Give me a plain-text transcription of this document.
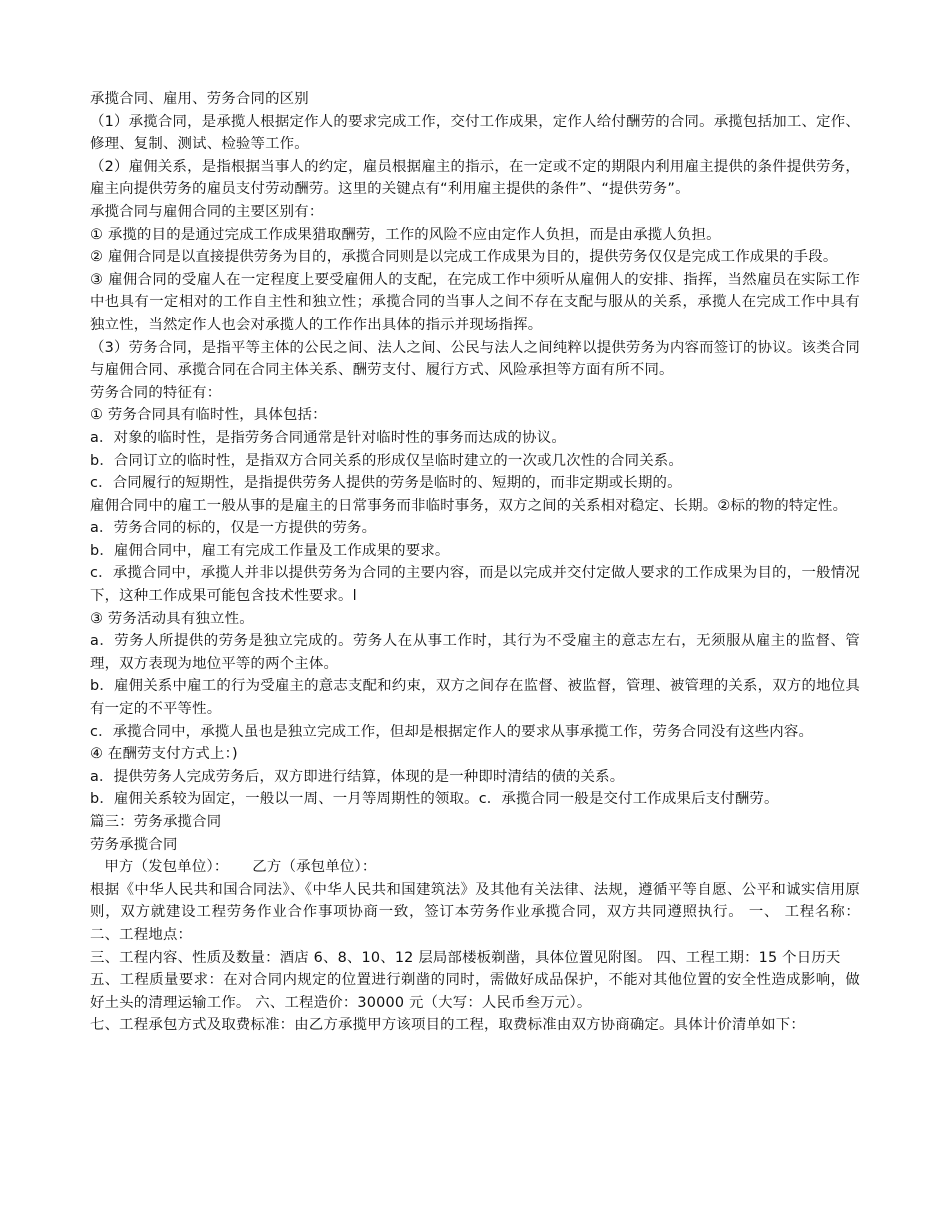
承揽合同、雇用、劳务合同的区别
（1）承揽合同，是承揽人根据定作人的要求完成工作，交付工作成果，定作人给付酬劳的合同。承揽包括加工、定作、修理、复制、测试、检验等工作。
（2）雇佣关系，是指根据当事人的约定，雇员根据雇主的指示，在一定或不定的期限内利用雇主提供的条件提供劳务，雇主向提供劳务的雇员支付劳动酬劳。这里的关键点有“利用雇主提供的条件”、“提供劳务”。
承揽合同与雇佣合同的主要区别有：
① 承揽的目的是通过完成工作成果猎取酬劳，工作的风险不应由定作人负担，而是由承揽人负担。
② 雇佣合同是以直接提供劳务为目的，承揽合同则是以完成工作成果为目的，提供劳务仅仅是完成工作成果的手段。
③ 雇佣合同的受雇人在一定程度上要受雇佣人的支配，在完成工作中须听从雇佣人的安排、指挥，当然雇员在实际工作中也具有一定相对的工作自主性和独立性；承揽合同的当事人之间不存在支配与服从的关系，承揽人在完成工作中具有独立性，当然定作人也会对承揽人的工作作出具体的指示并现场指挥。
（3）劳务合同，是指平等主体的公民之间、法人之间、公民与法人之间纯粹以提供劳务为内容而签订的协议。该类合同与雇佣合同、承揽合同在合同主体关系、酬劳支付、履行方式、风险承担等方面有所不同。
劳务合同的特征有：
① 劳务合同具有临时性，具体包括：
a．对象的临时性，是指劳务合同通常是针对临时性的事务而达成的协议。
b．合同订立的临时性，是指双方合同关系的形成仅呈临时建立的一次或几次性的合同关系。
c．合同履行的短期性，是指提供劳务人提供的劳务是临时的、短期的，而非定期或长期的。
雇佣合同中的雇工一般从事的是雇主的日常事务而非临时事务，双方之间的关系相对稳定、长期。②标的物的特定性。
a．劳务合同的标的，仅是一方提供的劳务。
b．雇佣合同中，雇工有完成工作量及工作成果的要求。
c．承揽合同中，承揽人并非以提供劳务为合同的主要内容，而是以完成并交付定做人要求的工作成果为目的，一般情况下，这种工作成果可能包含技术性要求。l
③ 劳务活动具有独立性。
a．劳务人所提供的劳务是独立完成的。劳务人在从事工作时，其行为不受雇主的意志左右，无须服从雇主的监督、管理，双方表现为地位平等的两个主体。
b．雇佣关系中雇工的行为受雇主的意志支配和约束，双方之间存在监督、被监督，管理、被管理的关系，双方的地位具有一定的不平等性。
c．承揽合同中，承揽人虽也是独立完成工作，但却是根据定作人的要求从事承揽工作，劳务合同没有这些内容。
④ 在酬劳支付方式上：)
a．提供劳务人完成劳务后，双方即进行结算，体现的是一种即时清结的债的关系。
b．雇佣关系较为固定，一般以一周、一月等周期性的领取。c．承揽合同一般是交付工作成果后支付酬劳。
篇三：劳务承揽合同
劳务承揽合同
甲方（发包单位）：     乙方（承包单位）：
根据《中华人民共和国合同法》、《中华人民共和国建筑法》及其他有关法律、法规，遵循平等自愿、公平和诚实信用原则，双方就建设工程劳务作业合作事项协商一致，签订本劳务作业承揽合同，双方共同遵照执行。 一、 工程名称： 二、工程地点：
三、工程内容、性质及数量：酒店 6、8、10、12 层局部楼板剃凿，具体位置见附图。 四、工程工期：15 个日历天
五、工程质量要求：在对合同内规定的位置进行剃凿的同时，需做好成品保护，不能对其他位置的安全性造成影响，做好土头的清理运输工作。 六、工程造价：30000 元（大写：人民币叁万元）。
七、工程承包方式及取费标准：由乙方承揽甲方该项目的工程，取费标准由双方协商确定。具体计价清单如下：
